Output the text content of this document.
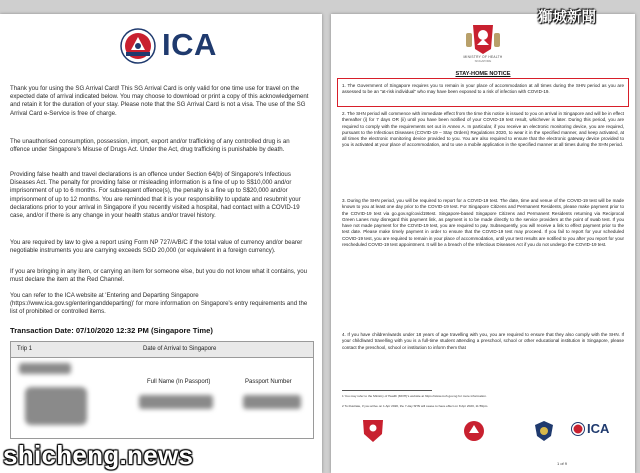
ICA

Thank you for using the SG Arrival Card! This SG Arrival Card is only valid for one time use for travel on the expected date of arrival indicated below. You may choose to download or print a copy of this acknowledgement and retain it for the duration of your stay. Please note that the SG Arrival Card is not a visa. The use of the SG Arrival Card e-Service is free of charge.

The unauthorised consumption, possession, import, export and/or trafficking of any controlled drug is an offence under Singapore's Misuse of Drugs Act. Under the Act, drug trafficking is punishable by death.

Providing false health and travel declarations is an offence under Section 64(b) of Singapore's Infectious Diseases Act. The penalty for providing false or misleading information is a fine of up to S$10,000 and/or imprisonment of up to 6 months. For subsequent offence(s), the penalty is a fine up to S$20,000 and/or imprisonment of up to 12 months. You are reminded that it is your responsibility to update and resubmit your declarations prior to your arrival in Singapore if you recently visited a hospital, had contact with a COVID-19 case, and/or if there is any change in your health status and/or travel history.

You are required by law to give a report using Form NP 727/A/B/C if the total value of currency and/or bearer negotiable instruments you are carrying exceeds SGD 20,000 (or equivalent in a foreign currency).

If you are bringing in any item, or carrying an item for someone else, but you do not know what it contains, you must declare the item at the Red Channel.

You can refer to the ICA website at 'Entering and Departing Singapore (https://www.ica.gov.sg/enteringanddeparting)' for more information on Singapore's entry requirements and the list of prohibited or controlled items.

Transaction Date: 07/10/2020 12:32 PM (Singapore Time)
Trip 1	Date of Arrival to Singapore
Full Name (In Passport)	Passport Number
MINISTRY OF HEALTH
SINGAPORE
STAY-HOME NOTICE

1. The Government of Singapore requires you to remain in your place of accommodation at all times during the SHN period as you are assessed to be an "at-risk individual" who may have been exposed to a risk of infection with COVID-19.

2. The SHN period will commence with immediate effect from the time this notice is issued to you on arrival in Singapore and will be in effect thereafter (i) for 7 days OR (ii) until you have been notified of your COVID-19 test result, whichever is later. During this period, you are required to comply with the requirements set out in Annex A. In particular, if you receive an electronic monitoring device, you are required, pursuant to the Infectious Diseases (COVID-19 – Stay Orders) Regulations 2020, to wear it in the specified manner, and keep activated, at all times the electronic monitoring device provided to you. You are also required to ensure that the electronic gateway device provided to you is activated at your place of accommodation, and to use a mobile application in the specified manner at all times during the SHN period.

3. During the SHN period, you will be required to report for a COVID-19 test. The date, time and venue of the COVID-19 test will be made known to you at least one day prior to the COVID-19 test. For Singapore Citizens and Permanent Residents, please make payment prior to the COVID-19 test via go.gov.sg/covid19test. Singapore-based Singapore Citizens and Permanent Residents returning via Reciprocal Green Lanes may disregard this payment link, as payment is to be made directly to the service providers at the point of swab test. If you have not made payment for the COVID-19 test, you are required to pay. Subsequently, you will receive a link to effect payment prior to the test date. Please make timely payment in order to ensure that the COVID-19 test may proceed. If you fail to report for your scheduled COVID-19 test, you are required to remain in your place of accommodation, until your test results are notified to you after you report for your rescheduled COVID-19 test appointment. It will be a breach of the Infectious Diseases Act if you do not undergo the COVID-19 test.

4. If you have children/wards under 18 years of age travelling with you, you are required to ensure that they also comply with the SHN. If your child/ward travelling with you is a full-time student attending a preschool, school or other educational institution in Singapore, please contact the preschool, school or institution to inform them that

1 You may refer to the Ministry of Health (MOH)'s website at https://www.moh.gov.sg for more information.

2 To illustrate, if you arrive on 1 Apr 2020, the 7-day SHN will cease to have effect on 8 Apr 2020, 11:59pm.

ICA
1 of 9
獅城新聞
shicheng.news
